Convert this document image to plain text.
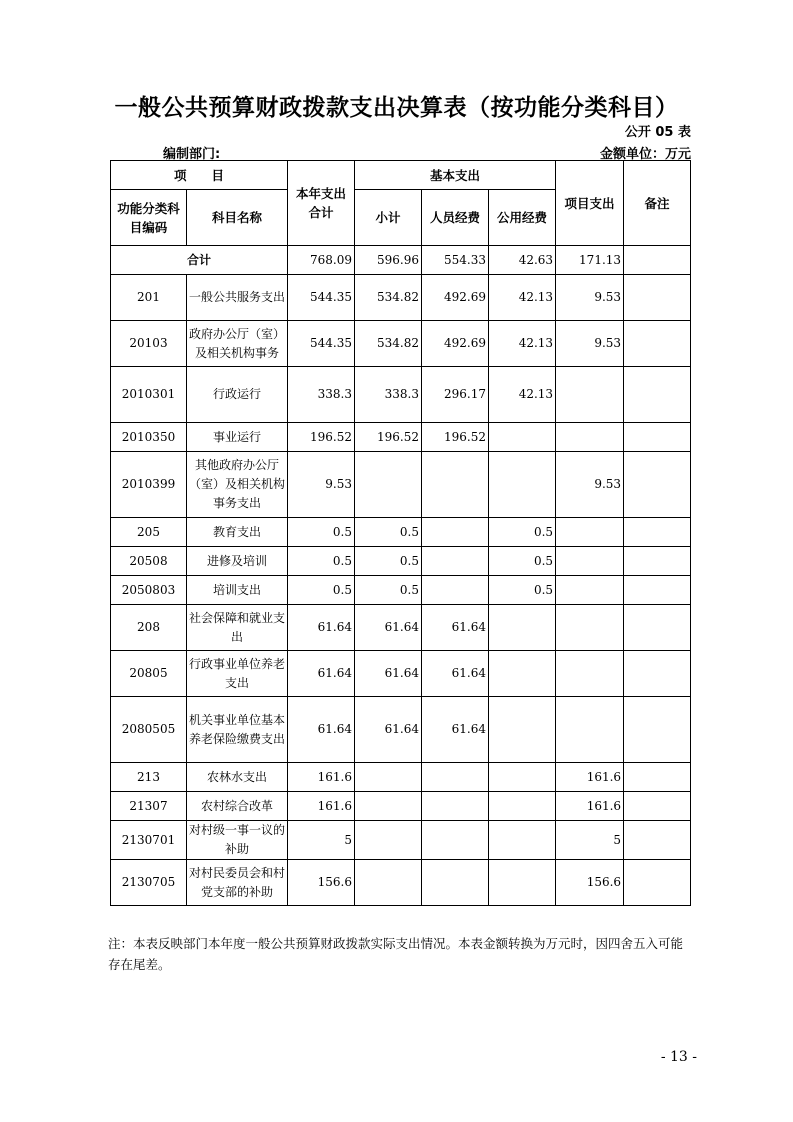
一般公共预算财政拨款支出决算表（按功能分类科目）
公开 05 表
编制部门:	金额单位：万元
项　　目		本年支出合计	基本支出			项目支出	备注
功能分类科目编码	科目名称		小计	人员经费	公用经费		
合计		768.09	596.96	554.33	42.63	171.13	
201	一般公共服务支出	544.35	534.82	492.69	42.13	9.53	
20103	政府办公厅（室）及相关机构事务	544.35	534.82	492.69	42.13	9.53	
2010301	行政运行	338.3	338.3	296.17	42.13		
2010350	事业运行	196.52	196.52	196.52			
2010399	其他政府办公厅（室）及相关机构事务支出	9.53				9.53	
205	教育支出	0.5	0.5		0.5		
20508	进修及培训	0.5	0.5		0.5		
2050803	培训支出	0.5	0.5		0.5		
208	社会保障和就业支出	61.64	61.64	61.64			
20805	行政事业单位养老支出	61.64	61.64	61.64			
2080505	机关事业单位基本养老保险缴费支出	61.64	61.64	61.64			
213	农林水支出	161.6				161.6	
21307	农村综合改革	161.6				161.6	
2130701	对村级一事一议的补助	5				5	
2130705	对村民委员会和村党支部的补助	156.6				156.6	
注：本表反映部门本年度一般公共预算财政拨款实际支出情况。本表金额转换为万元时，因四舍五入可能存在尾差。
- 13 -
